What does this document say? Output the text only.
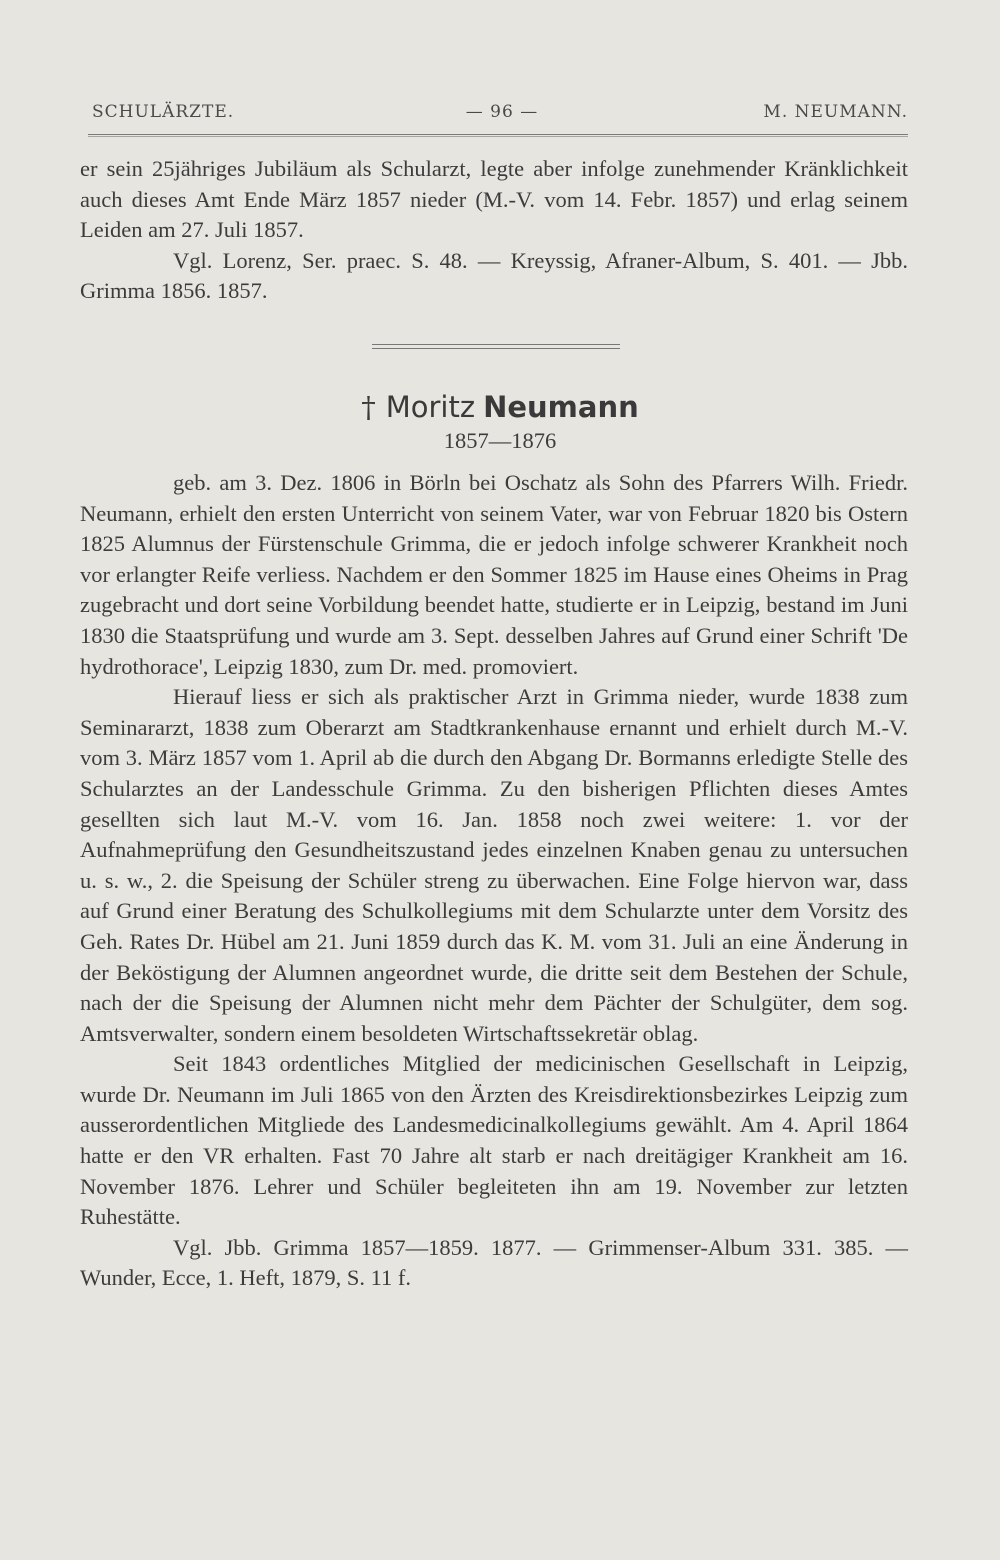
SCHULÄRZTE.	— 96 —	M. NEUMANN.

er sein 25jähriges Jubiläum als Schularzt, legte aber infolge zunehmender Kränklichkeit auch dieses Amt Ende März 1857 nieder (M.-V. vom 14. Febr. 1857) und erlag seinem Leiden am 27. Juli 1857.

Vgl. Lorenz, Ser. praec. S. 48. — Kreyssig, Afraner-Album, S. 401. — Jbb. Grimma 1856. 1857.

† Moritz Neumann
1857—1876

geb. am 3. Dez. 1806 in Börln bei Oschatz als Sohn des Pfarrers Wilh. Friedr. Neumann, erhielt den ersten Unterricht von seinem Vater, war von Februar 1820 bis Ostern 1825 Alumnus der Fürstenschule Grimma, die er jedoch infolge schwerer Krankheit noch vor erlangter Reife verliess. Nachdem er den Sommer 1825 im Hause eines Oheims in Prag zugebracht und dort seine Vorbildung beendet hatte, studierte er in Leipzig, bestand im Juni 1830 die Staatsprüfung und wurde am 3. Sept. desselben Jahres auf Grund einer Schrift 'De hydrothorace', Leipzig 1830, zum Dr. med. promoviert.

Hierauf liess er sich als praktischer Arzt in Grimma nieder, wurde 1838 zum Seminararzt, 1838 zum Oberarzt am Stadtkrankenhause ernannt und erhielt durch M.-V. vom 3. März 1857 vom 1. April ab die durch den Abgang Dr. Bormanns erledigte Stelle des Schularztes an der Landesschule Grimma. Zu den bisherigen Pflichten dieses Amtes gesellten sich laut M.-V. vom 16. Jan. 1858 noch zwei weitere: 1. vor der Aufnahmeprüfung den Gesundheitszustand jedes einzelnen Knaben genau zu untersuchen u. s. w., 2. die Speisung der Schüler streng zu überwachen. Eine Folge hiervon war, dass auf Grund einer Beratung des Schulkollegiums mit dem Schularzte unter dem Vorsitz des Geh. Rates Dr. Hübel am 21. Juni 1859 durch das K. M. vom 31. Juli an eine Änderung in der Beköstigung der Alumnen angeordnet wurde, die dritte seit dem Bestehen der Schule, nach der die Speisung der Alumnen nicht mehr dem Pächter der Schulgüter, dem sog. Amtsverwalter, sondern einem besoldeten Wirtschaftssekretär oblag.

Seit 1843 ordentliches Mitglied der medicinischen Gesellschaft in Leipzig, wurde Dr. Neumann im Juli 1865 von den Ärzten des Kreisdirektionsbezirkes Leipzig zum ausserordentlichen Mitgliede des Landesmedicinalkollegiums gewählt. Am 4. April 1864 hatte er den VR erhalten. Fast 70 Jahre alt starb er nach dreitägiger Krankheit am 16. November 1876. Lehrer und Schüler begleiteten ihn am 19. November zur letzten Ruhestätte.

Vgl. Jbb. Grimma 1857—1859. 1877. — Grimmenser-Album 331. 385. — Wunder, Ecce, 1. Heft, 1879, S. 11 f.
